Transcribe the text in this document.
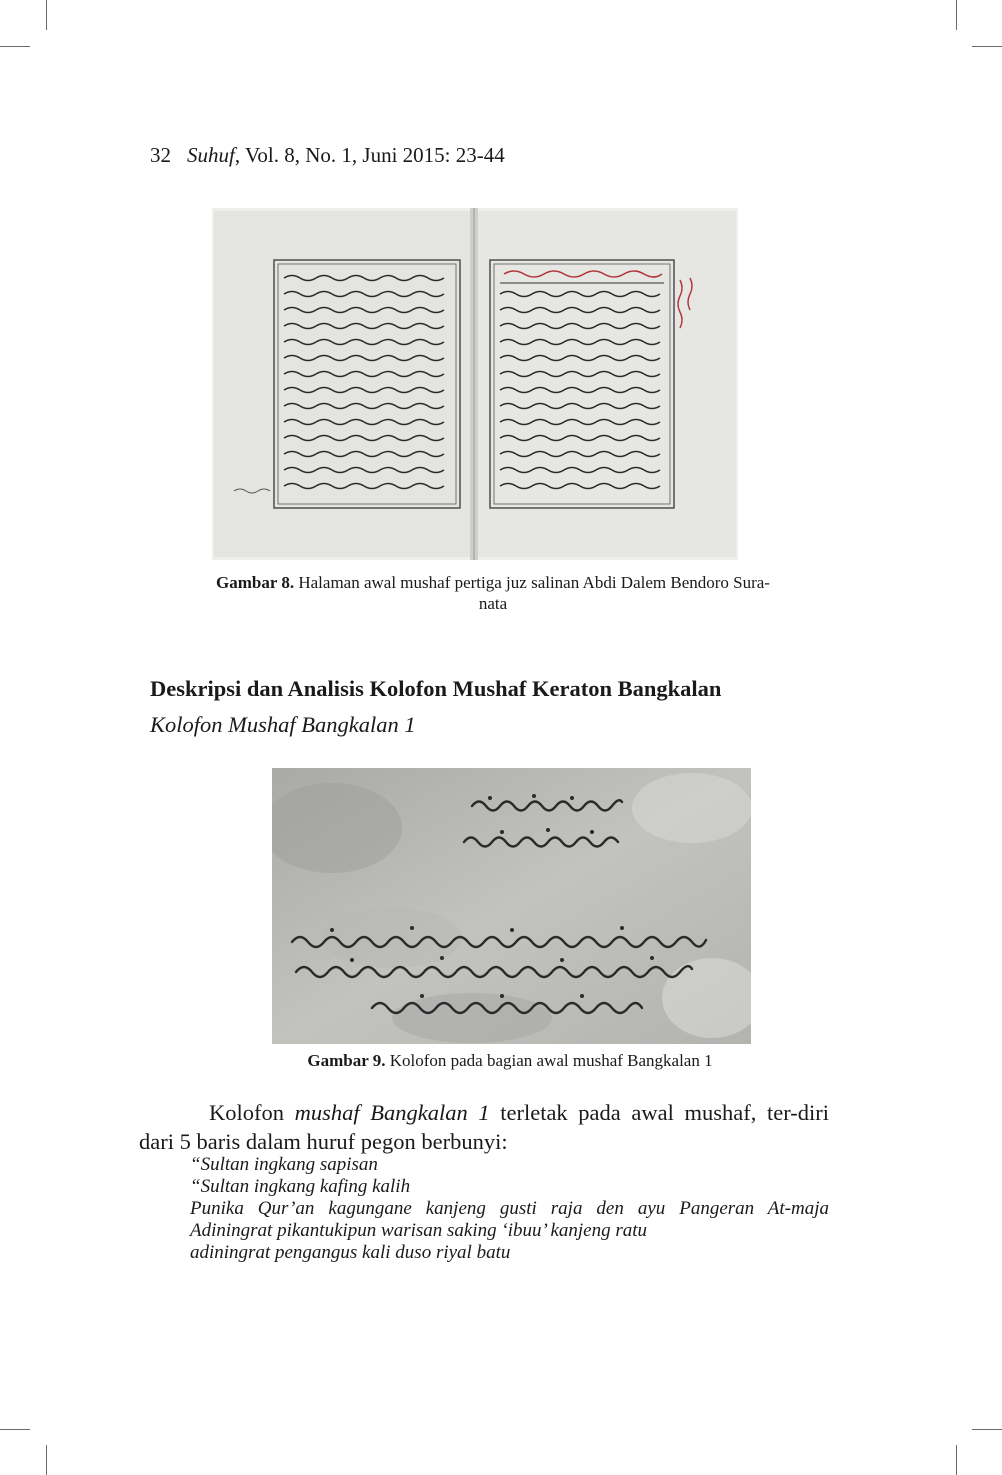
32 Suhuf, Vol. 8, No. 1, Juni 2015: 23-44
Gambar 8. Halaman awal mushaf pertiga juz salinan Abdi Dalem Bendoro Sura-
nata
Deskripsi dan Analisis Kolofon Mushaf Keraton Bangkalan
Kolofon Mushaf Bangkalan 1
Gambar 9. Kolofon pada bagian awal mushaf Bangkalan 1
Kolofon mushaf Bangkalan 1 terletak pada awal mushaf, ter-diri dari 5 baris dalam huruf pegon berbunyi:
“Sultan ingkang sapisan
“Sultan ingkang kafing kalih
Punika Qur’an kagungane kanjeng gusti raja den ayu Pangeran At-maja Adiningrat pikantukipun warisan saking ‘ibuu’ kanjeng ratu
adiningrat pengangus kali duso riyal batu
